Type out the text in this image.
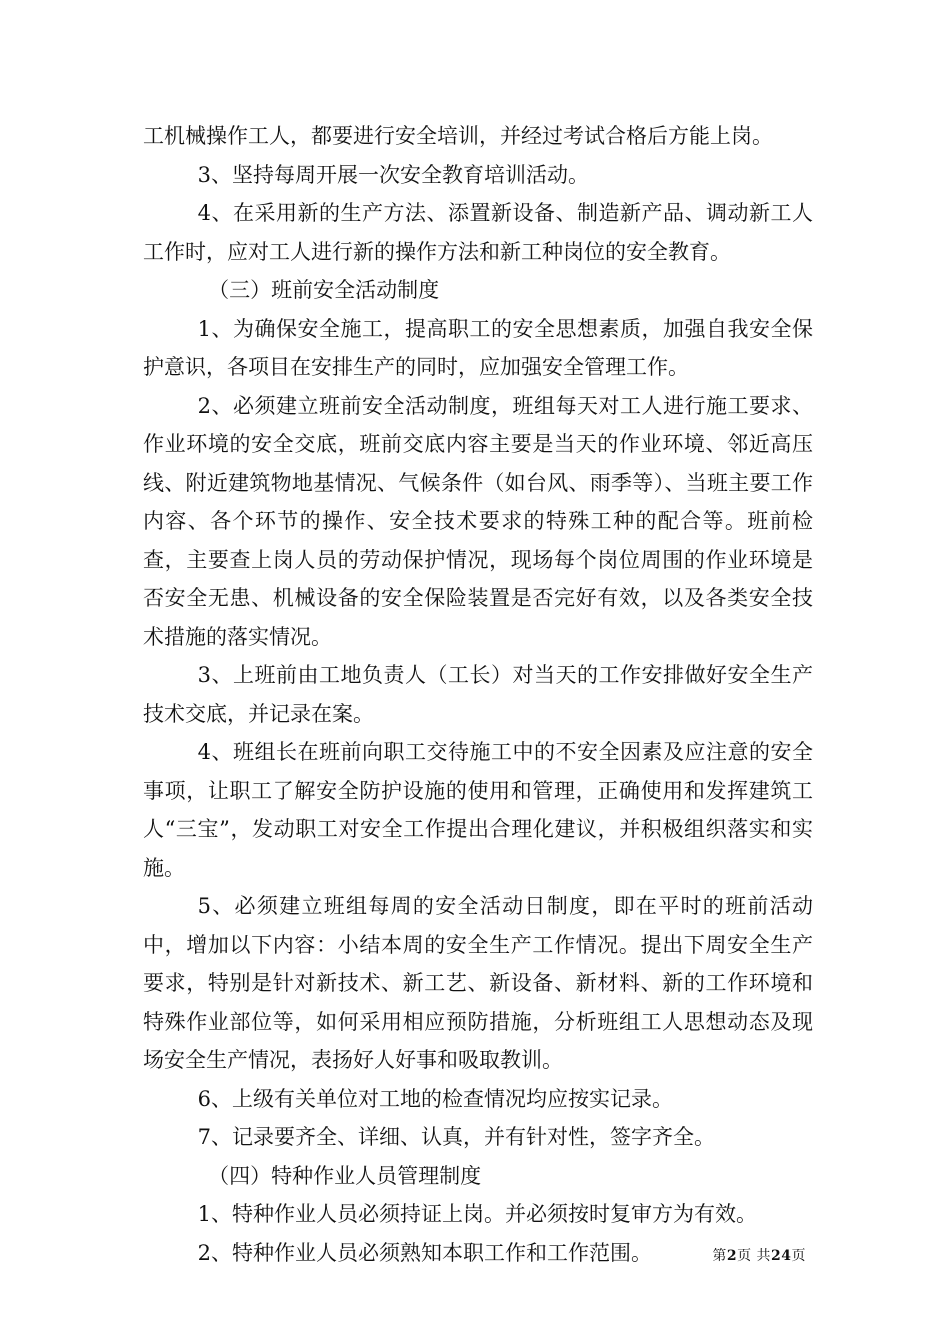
工机械操作工人，都要进行安全培训，并经过考试合格后方能上岗。

3、坚持每周开展一次安全教育培训活动。

4、在采用新的生产方法、添置新设备、制造新产品、调动新工人工作时，应对工人进行新的操作方法和新工种岗位的安全教育。

（三）班前安全活动制度

1、为确保安全施工，提高职工的安全思想素质，加强自我安全保护意识，各项目在安排生产的同时，应加强安全管理工作。

2、必须建立班前安全活动制度，班组每天对工人进行施工要求、作业环境的安全交底，班前交底内容主要是当天的作业环境、邻近高压线、附近建筑物地基情况、气候条件（如台风、雨季等）、当班主要工作内容、各个环节的操作、安全技术要求的特殊工种的配合等。班前检查，主要查上岗人员的劳动保护情况，现场每个岗位周围的作业环境是否安全无患、机械设备的安全保险装置是否完好有效，以及各类安全技术措施的落实情况。

3、上班前由工地负责人（工长）对当天的工作安排做好安全生产技术交底，并记录在案。

4、班组长在班前向职工交待施工中的不安全因素及应注意的安全事项，让职工了解安全防护设施的使用和管理，正确使用和发挥建筑工人“三宝”，发动职工对安全工作提出合理化建议，并积极组织落实和实施。

5、必须建立班组每周的安全活动日制度，即在平时的班前活动中，增加以下内容：小结本周的安全生产工作情况。提出下周安全生产要求，特别是针对新技术、新工艺、新设备、新材料、新的工作环境和特殊作业部位等，如何采用相应预防措施，分析班组工人思想动态及现场安全生产情况，表扬好人好事和吸取教训。

6、上级有关单位对工地的检查情况均应按实记录。

7、记录要齐全、详细、认真，并有针对性，签字齐全。

（四）特种作业人员管理制度

1、特种作业人员必须持证上岗。并必须按时复审方为有效。

2、特种作业人员必须熟知本职工作和工作范围。	第2页 共24页
